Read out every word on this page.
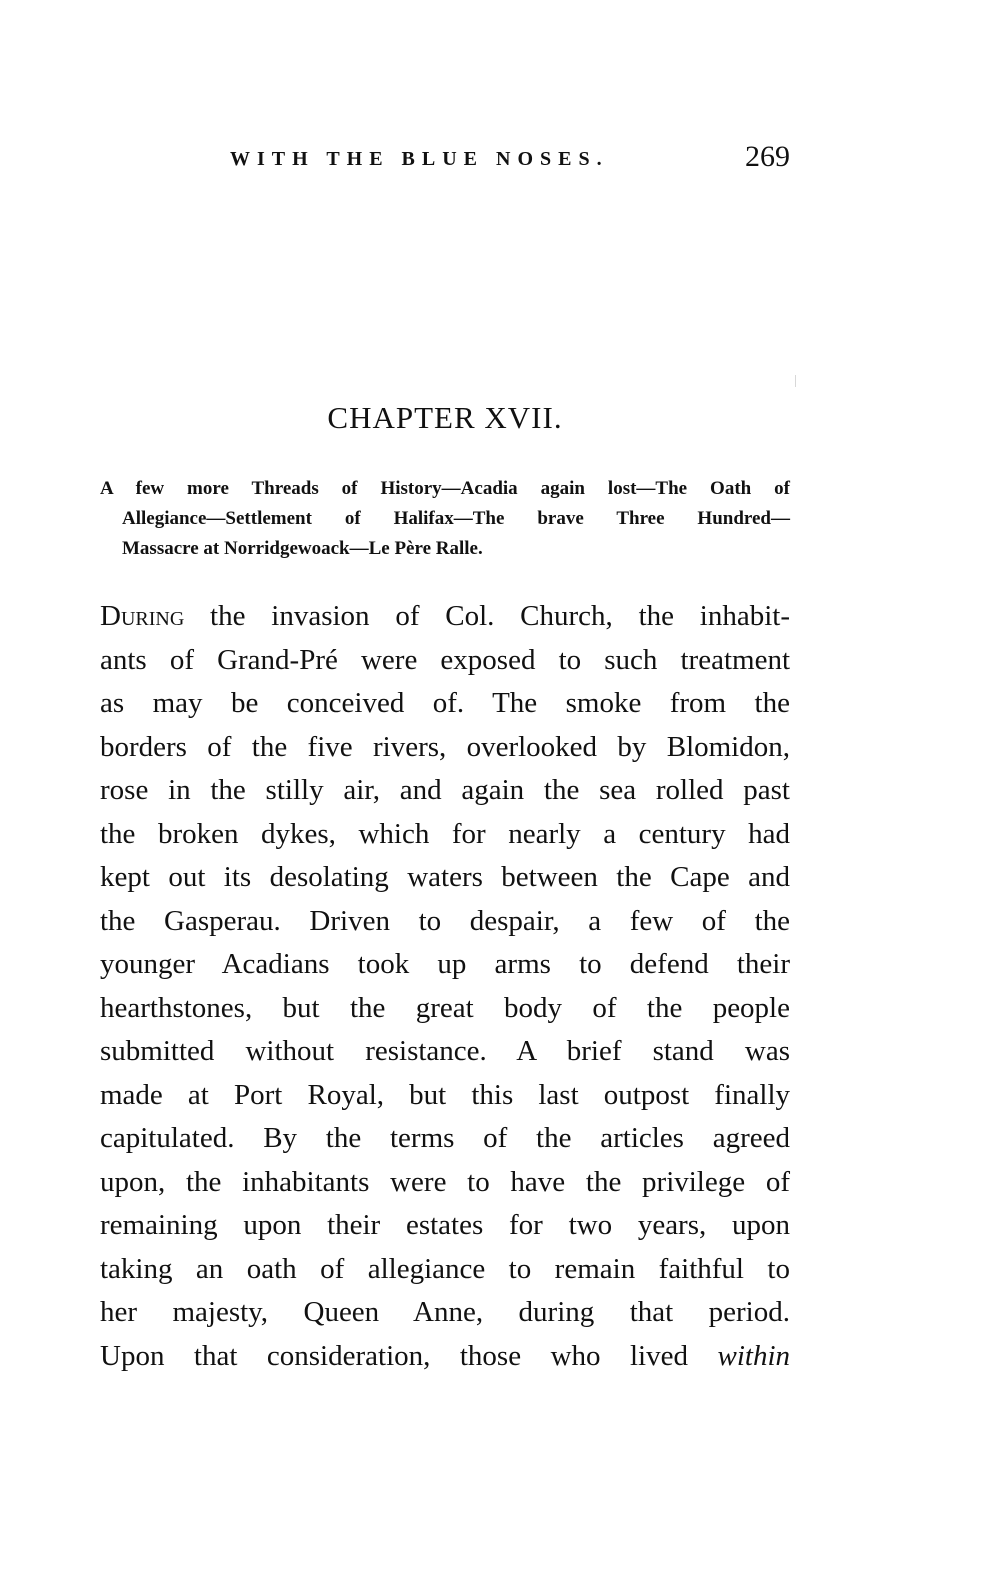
WITH THE BLUE NOSES.	269
CHAPTER XVII.
A few more Threads of History—Acadia again lost—The Oath of
Allegiance—Settlement of Halifax—The brave Three Hundred—
Massacre at Norridgewoack—Le Père Ralle.
During the invasion of Col. Church, the inhabit-
ants of Grand-Pré were exposed to such treatment
as may be conceived of. The smoke from the
borders of the five rivers, overlooked by Blomidon,
rose in the stilly air, and again the sea rolled past
the broken dykes, which for nearly a century had
kept out its desolating waters between the Cape and
the Gasperau. Driven to despair, a few of the
younger Acadians took up arms to defend their
hearthstones, but the great body of the people
submitted without resistance. A brief stand was
made at Port Royal, but this last outpost finally
capitulated. By the terms of the articles agreed
upon, the inhabitants were to have the privilege of
remaining upon their estates for two years, upon
taking an oath of allegiance to remain faithful to
her majesty, Queen Anne, during that period.
Upon that consideration, those who lived within
